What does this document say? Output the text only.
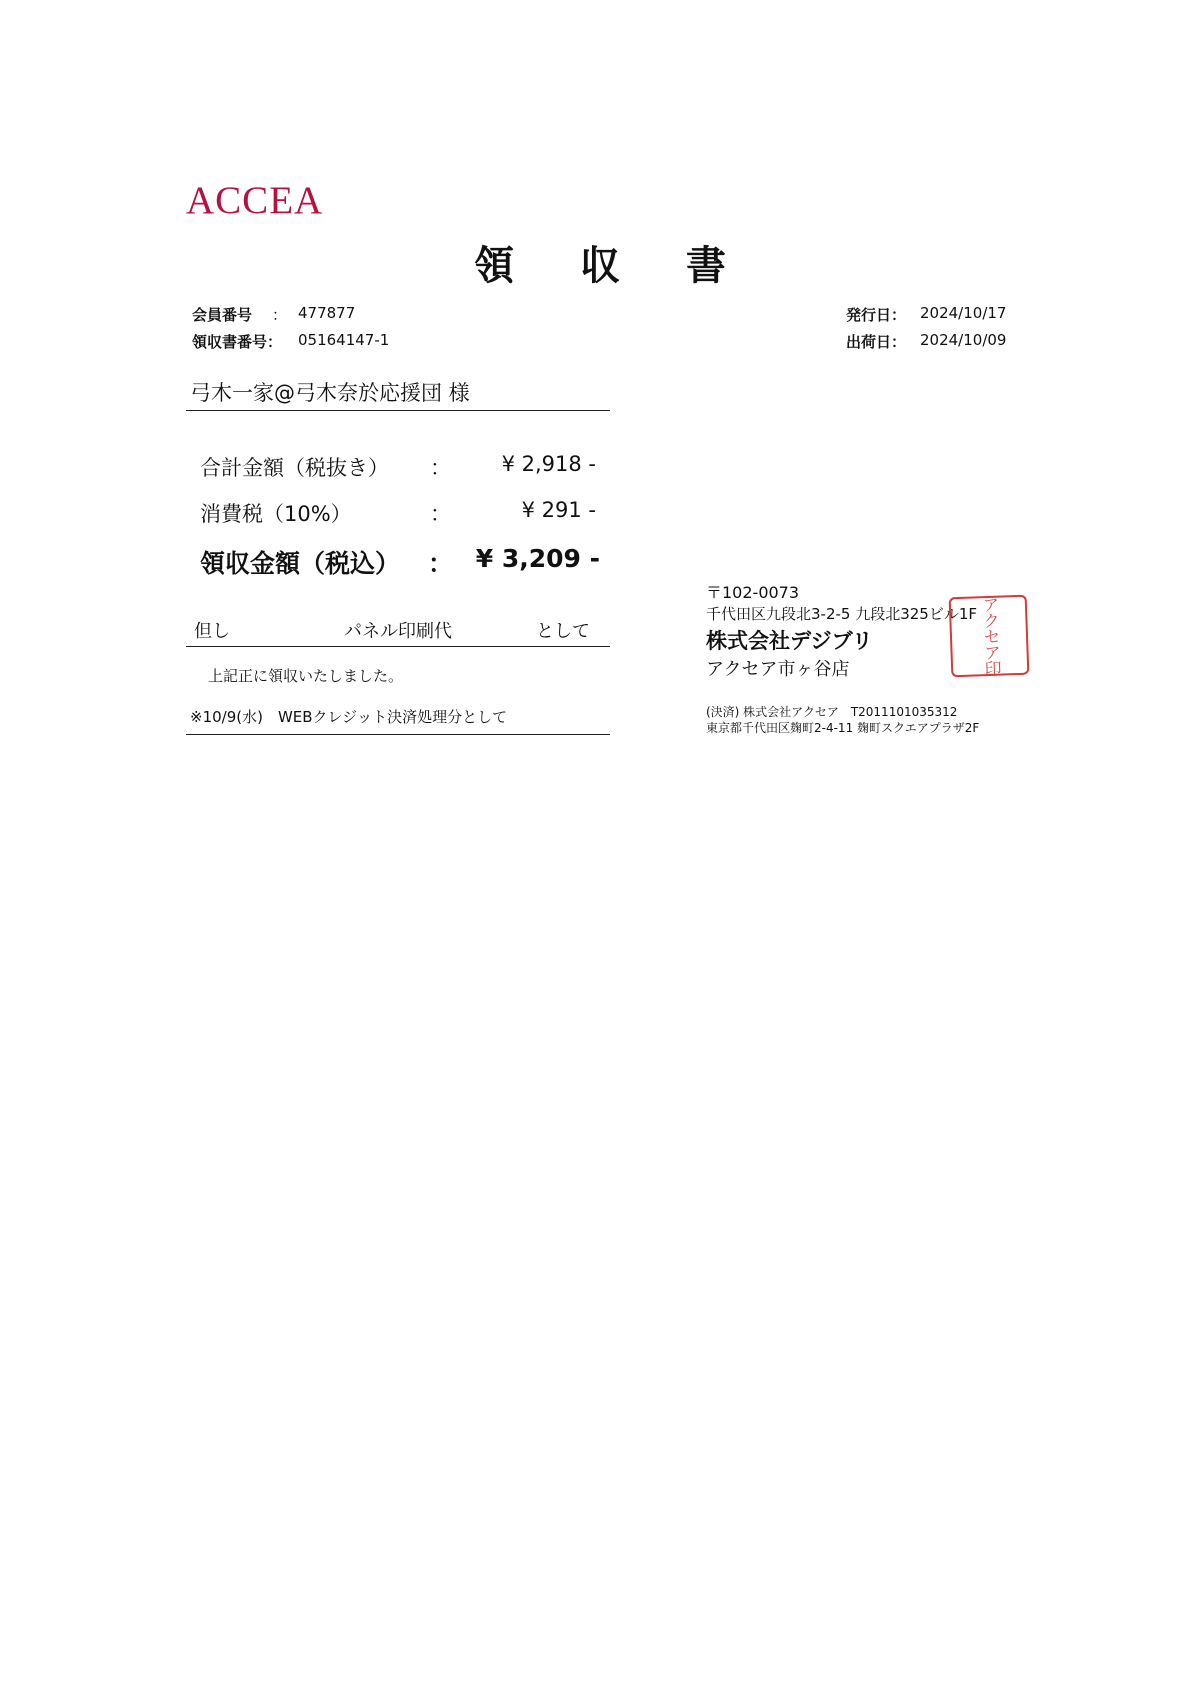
ACCEA
領 収 書
会員番号 ： 477877
領収書番号： 05164147-1
発行日： 2024/10/17
出荷日： 2024/10/09
弓木一家@弓木奈於応援団 様
合計金額（税抜き） ： ¥ 2,918 -
消費税（10%）	：	¥ 291 -
領収金額（税込） ： ¥ 3,209 -
但し	パネル印刷代	として
上記正に領収いたしました。
※10/9(水)　WEBクレジット決済処理分として
〒102-0073
千代田区九段北3-2-5 九段北325ビル1F
株式会社デジブリ
アクセア市ヶ谷店
(決済) 株式会社アクセア　T2011101035312
東京都千代田区麹町2-4-11 麹町スクエアプラザ2F
アクセア印
